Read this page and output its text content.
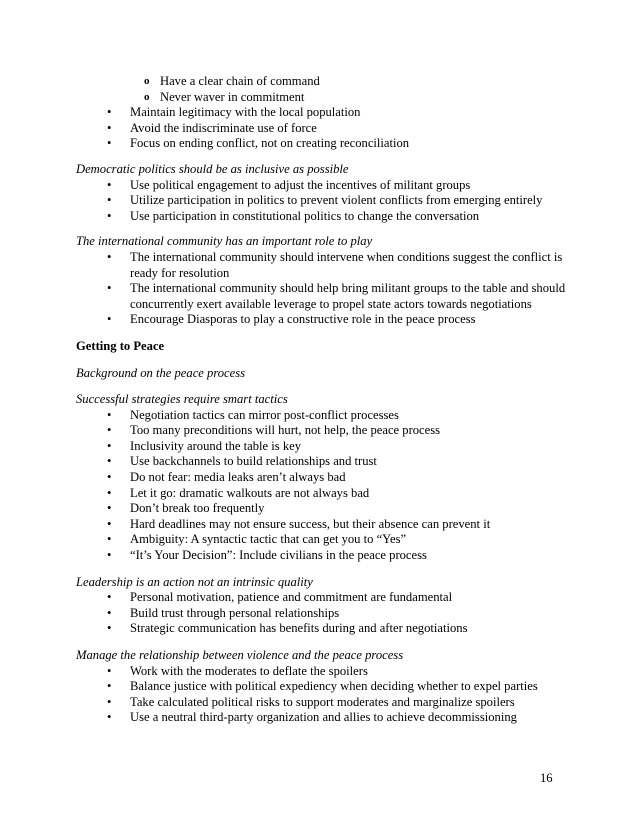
o Have a clear chain of command
o Never waver in commitment
• Maintain legitimacy with the local population
• Avoid the indiscriminate use of force
• Focus on ending conflict, not on creating reconciliation
Democratic politics should be as inclusive as possible
• Use political engagement to adjust the incentives of militant groups
• Utilize participation in politics to prevent violent conflicts from emerging entirely
• Use participation in constitutional politics to change the conversation
The international community has an important role to play
• The international community should intervene when conditions suggest the conflict is ready for resolution
• The international community should help bring militant groups to the table and should concurrently exert available leverage to propel state actors towards negotiations
• Encourage Diasporas to play a constructive role in the peace process
Getting to Peace
Background on the peace process
Successful strategies require smart tactics
• Negotiation tactics can mirror post-conflict processes
• Too many preconditions will hurt, not help, the peace process
• Inclusivity around the table is key
• Use backchannels to build relationships and trust
• Do not fear: media leaks aren’t always bad
• Let it go: dramatic walkouts are not always bad
• Don’t break too frequently
• Hard deadlines may not ensure success, but their absence can prevent it
• Ambiguity: A syntactic tactic that can get you to “Yes”
• “It’s Your Decision”: Include civilians in the peace process
Leadership is an action not an intrinsic quality
• Personal motivation, patience and commitment are fundamental
• Build trust through personal relationships
• Strategic communication has benefits during and after negotiations
Manage the relationship between violence and the peace process
• Work with the moderates to deflate the spoilers
• Balance justice with political expediency when deciding whether to expel parties
• Take calculated political risks to support moderates and marginalize spoilers
• Use a neutral third-party organization and allies to achieve decommissioning
16
